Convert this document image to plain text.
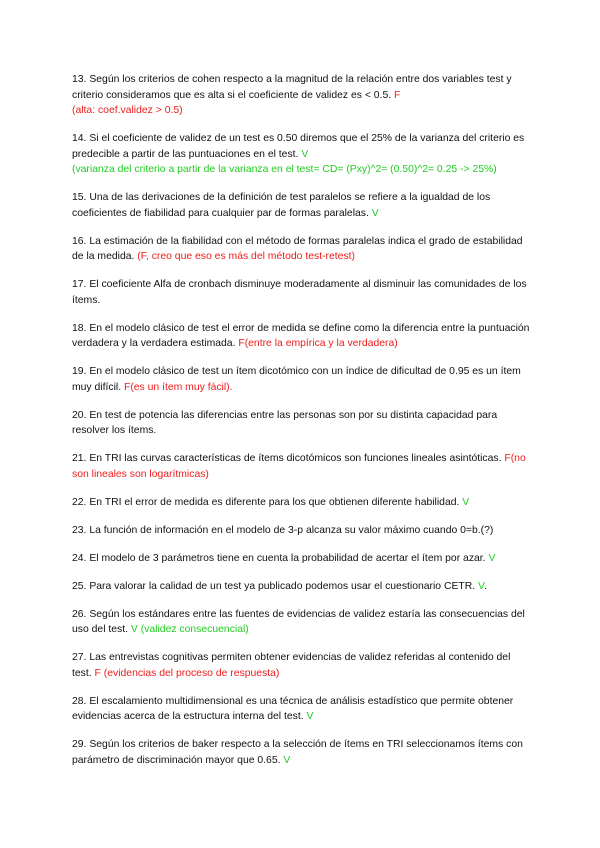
13. Según los criterios de cohen respecto a la magnitud de la relación entre dos variables test y criterio consideramos que es alta si el coeficiente de validez es < 0.5. F
(alta: coef.validez > 0.5)

14. Si el coeficiente de validez de un test es 0.50 diremos que el 25% de la varianza del criterio es predecible a partir de las puntuaciones en el test. V
(varianza del criterio a partir de la varianza en el test= CD= (Pxy)^2= (0.50)^2= 0.25 -> 25%)

15. Una de las derivaciones de la definición de test paralelos se refiere a la igualdad de los coeficientes de fiabilidad para cualquier par de formas paralelas. V

16. La estimación de la fiabilidad con el método de formas paralelas indica el grado de estabilidad de la medida. (F, creo que eso es más del método test-retest)

17. El coeficiente Alfa de cronbach disminuye moderadamente al disminuir las comunidades de los ítems.

18. En el modelo clásico de test el error de medida se define como la diferencia entre la puntuación verdadera y la verdadera estimada. F(entre la empírica y la verdadera)

19. En el modelo clásico de test un ítem dicotómico con un índice de dificultad de 0.95 es un ítem muy difícil. F(es un ítem muy fácil).

20. En test de potencia las diferencias entre las personas son por su distinta capacidad para resolver los ítems.

21. En TRI las curvas características de ítems dicotómicos son funciones lineales asintóticas. F(no son lineales son logarítmicas)

22. En TRI el error de medida es diferente para los que obtienen diferente habilidad. V

23. La función de información en el modelo de 3-p alcanza su valor máximo cuando 0=b.(?)

24. El modelo de 3 parámetros tiene en cuenta la probabilidad de acertar el ítem por azar. V

25. Para valorar la calidad de un test ya publicado podemos usar el cuestionario CETR. V.

26. Según los estándares entre las fuentes de evidencias de validez estaría las consecuencias del uso del test. V (validez consecuencial)

27. Las entrevistas cognitivas permiten obtener evidencias de validez referidas al contenido del test. F (evidencias del proceso de respuesta)

28. El escalamiento multidimensional es una técnica de análisis estadístico que permite obtener evidencias acerca de la estructura interna del test. V

29. Según los criterios de baker respecto a la selección de ítems en TRI seleccionamos ítems con parámetro de discriminación mayor que 0.65. V
